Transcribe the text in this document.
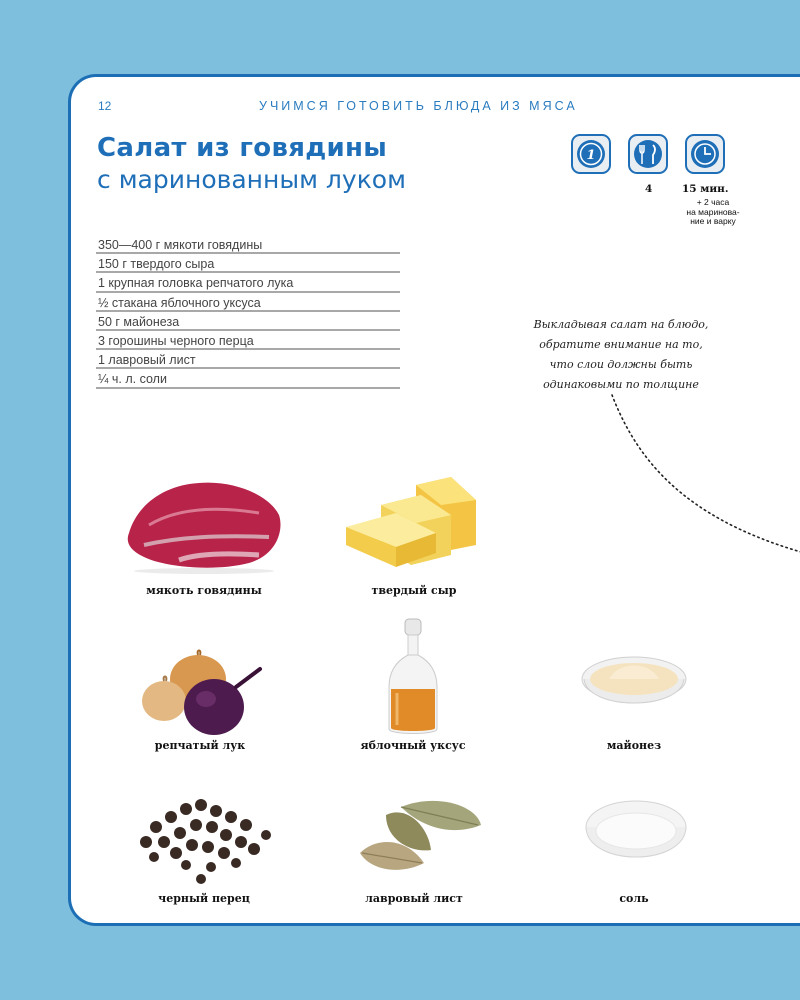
12	УЧИМСЯ ГОТОВИТЬ БЛЮДА ИЗ МЯСА
Салат из говядины
с маринованным луком
1
4	15 мин.
+ 2 часа
на маринова-
ние и варку
350—400 г мякоти говядины
150 г твердого сыра
1 крупная головка репчатого лука
½ стакана яблочного уксуса
50 г майонеза
3 горошины черного перца
1 лавровый лист
¼ ч. л. соли
Выкладывая салат на блюдо,
обратите внимание на то,
что слои должны быть
одинаковыми по толщине
мякоть говядины	твердый сыр
репчатый лук	яблочный уксус	майонез
черный перец	лавровый лист	соль
